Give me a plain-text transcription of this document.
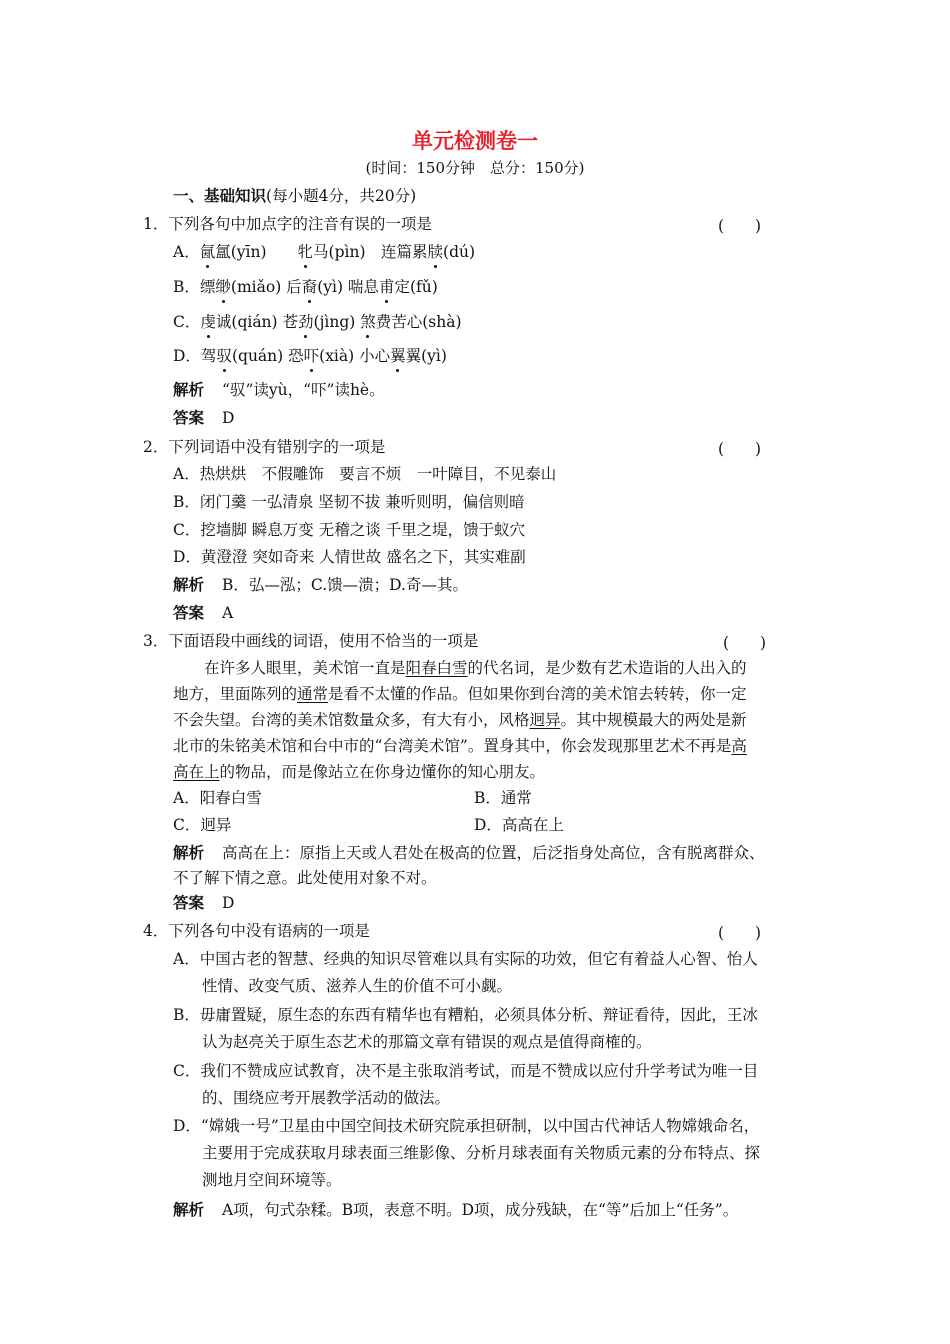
单元检测卷一
(时间：150分钟　总分：150分)
一、基础知识(每小题4分，共20分)
1．下列各句中加点字的注音有误的一项是	(　　)
A．氤氲(yīn)　　牝马(pìn)　连篇累牍(dú)
B．缥缈(miǎo) 后裔(yì) 喘息甫定(fǔ)
C．虔诚(qián) 苍劲(jìng) 煞费苦心(shà)
D．驾驭(quán) 恐吓(xià) 小心翼翼(yì)
解析 “驭”读yù，“吓”读hè。
答案 D
2．下列词语中没有错别字的一项是	(　　)
A．热烘烘　不假雕饰　要言不烦　一叶障目，不见泰山
B．闭门羹 一弘清泉 坚韧不拔 兼听则明，偏信则暗
C．挖墙脚 瞬息万变 无稽之谈 千里之堤，馈于蚁穴
D．黄澄澄 突如奇来 人情世故 盛名之下，其实难副
解析 B．弘—泓；C.馈—溃；D.奇—其。
答案 A
3．下面语段中画线的词语，使用不恰当的一项是	(　　)
在许多人眼里，美术馆一直是阳春白雪的代名词，是少数有艺术造诣的人出入的
地方，里面陈列的通常是看不太懂的作品。但如果你到台湾的美术馆去转转，你一定
不会失望。台湾的美术馆数量众多，有大有小，风格迥异。其中规模最大的两处是新
北市的朱铭美术馆和台中市的“台湾美术馆”。置身其中，你会发现那里艺术不再是高
高在上的物品，而是像站立在你身边懂你的知心朋友。
A．阳春白雪	B．通常
C．迥异	D．高高在上
解析 高高在上：原指上天或人君处在极高的位置，后泛指身处高位，含有脱离群众、
不了解下情之意。此处使用对象不对。
答案 D
4．下列各句中没有语病的一项是	(　　)
A．中国古老的智慧、经典的知识尽管难以具有实际的功效，但它有着益人心智、怡人
性情、改变气质、滋养人生的价值不可小觑。
B．毋庸置疑，原生态的东西有精华也有糟粕，必须具体分析、辩证看待，因此，王冰
认为赵亮关于原生态艺术的那篇文章有错误的观点是值得商榷的。
C．我们不赞成应试教育，决不是主张取消考试，而是不赞成以应付升学考试为唯一目
的、围绕应考开展教学活动的做法。
D．“嫦娥一号”卫星由中国空间技术研究院承担研制，以中国古代神话人物嫦娥命名，
主要用于完成获取月球表面三维影像、分析月球表面有关物质元素的分布特点、探
测地月空间环境等。
解析 A项，句式杂糅。B项，表意不明。D项，成分残缺，在“等”后加上“任务”。
